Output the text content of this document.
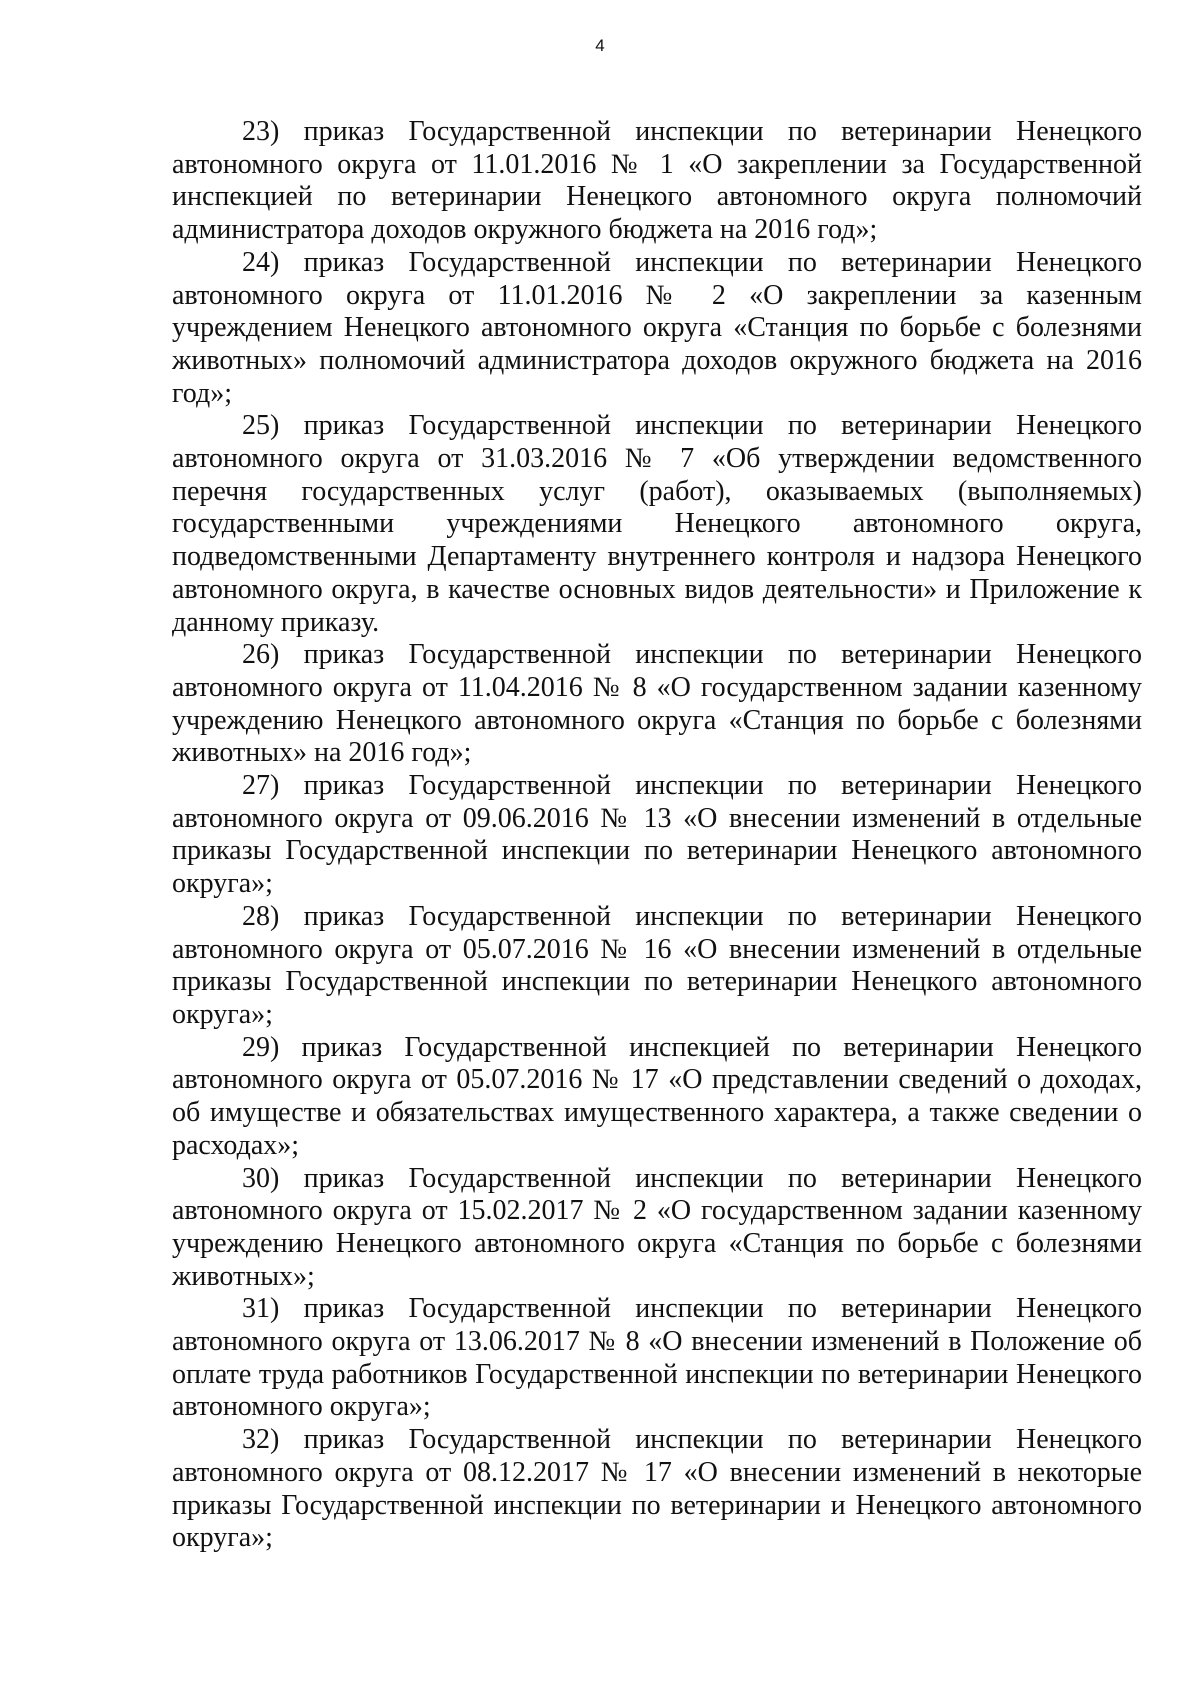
4

23) приказ Государственной инспекции по ветеринарии Ненецкого автономного округа от 11.01.2016 № 1 «О закреплении за Государственной инспекцией по ветеринарии Ненецкого автономного округа полномочий администратора доходов окружного бюджета на 2016 год»;

24) приказ Государственной инспекции по ветеринарии Ненецкого автономного округа от 11.01.2016 № 2 «О закреплении за казенным учреждением Ненецкого автономного округа «Станция по борьбе с болезнями животных» полномочий администратора доходов окружного бюджета на 2016 год»;

25) приказ Государственной инспекции по ветеринарии Ненецкого автономного округа от 31.03.2016 № 7 «Об утверждении ведомственного перечня государственных услуг (работ), оказываемых (выполняемых) государственными учреждениями Ненецкого автономного округа, подведомственными Департаменту внутреннего контроля и надзора Ненецкого автономного округа, в качестве основных видов деятельности» и Приложение к данному приказу.

26) приказ Государственной инспекции по ветеринарии Ненецкого автономного округа от 11.04.2016 № 8 «О государственном задании казенному учреждению Ненецкого автономного округа «Станция по борьбе с болезнями животных» на 2016 год»;

27) приказ Государственной инспекции по ветеринарии Ненецкого автономного округа от 09.06.2016 № 13 «О внесении изменений в отдельные приказы Государственной инспекции по ветеринарии Ненецкого автономного округа»;

28) приказ Государственной инспекции по ветеринарии Ненецкого автономного округа от 05.07.2016 № 16 «О внесении изменений в отдельные приказы Государственной инспекции по ветеринарии Ненецкого автономного округа»;

29) приказ Государственной инспекцией по ветеринарии Ненецкого автономного округа от 05.07.2016 № 17 «О представлении сведений о доходах, об имуществе и обязательствах имущественного характера, а также сведении о расходах»;

30) приказ Государственной инспекции по ветеринарии Ненецкого автономного округа от 15.02.2017 № 2 «О государственном задании казенному учреждению Ненецкого автономного округа «Станция по борьбе с болезнями животных»;

31) приказ Государственной инспекции по ветеринарии Ненецкого автономного округа от 13.06.2017 № 8 «О внесении изменений в Положение об оплате труда работников Государственной инспекции по ветеринарии Ненецкого автономного округа»;

32) приказ Государственной инспекции по ветеринарии Ненецкого автономного округа от 08.12.2017 № 17 «О внесении изменений в некоторые приказы Государственной инспекции по ветеринарии и Ненецкого автономного округа»;
